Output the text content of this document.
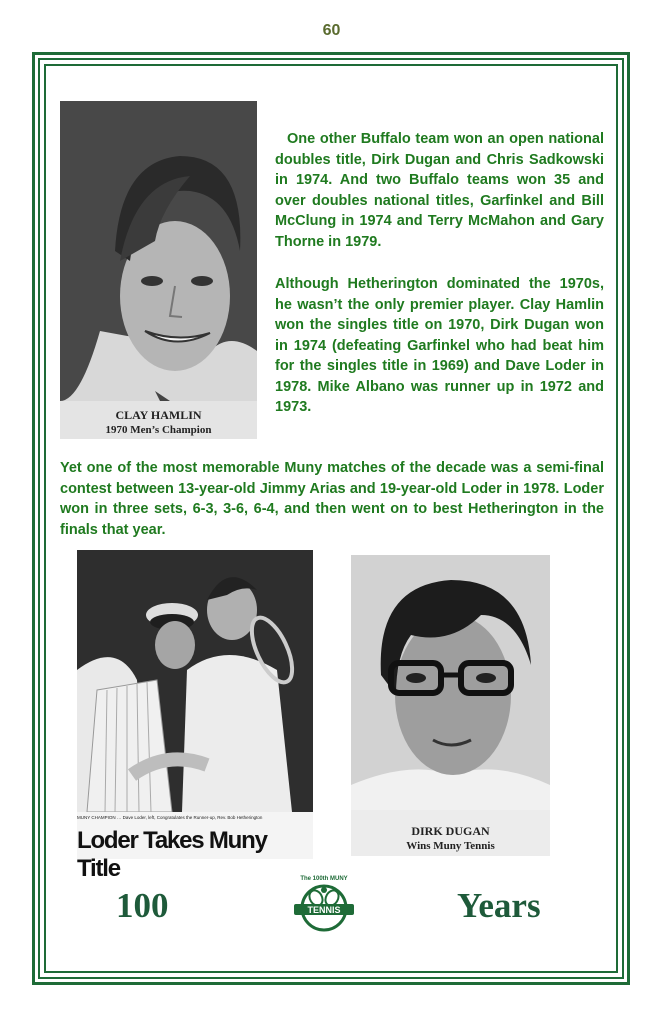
60
CLAY HAMLIN
1970 Men’s Champion

One other Buffalo team won an open national doubles title, Dirk Dugan and Chris Sadkowski in 1974. And two Buffalo teams won 35 and over doubles national titles, Garfinkel and Bill McClung in 1974 and Terry McMahon and Gary Thorne in 1979.

Although Hetherington dominated the 1970s, he wasn’t the only premier player. Clay Hamlin won the singles title on 1970, Dirk Dugan won in 1974 (defeating Garfinkel who had beat him for the singles title in 1969) and Dave Loder in 1978. Mike Albano was runner up in 1972 and 1973.

Yet one of the most memorable Muny matches of the decade was a semi-final contest between 13-year-old Jimmy Arias and 19-year-old Loder in 1978. Loder won in three sets, 6-3, 3-6, 6-4, and then went on to best Hetherington in the finals that year.

MUNY CHAMPION … Dave Loder, left, Congratulates the Runner-up, Rev. Bob Hetherington
Loder Takes Muny Title
DIRK DUGAN
Wins Muny Tennis
100	Years
The 100th MUNY
TENNIS
